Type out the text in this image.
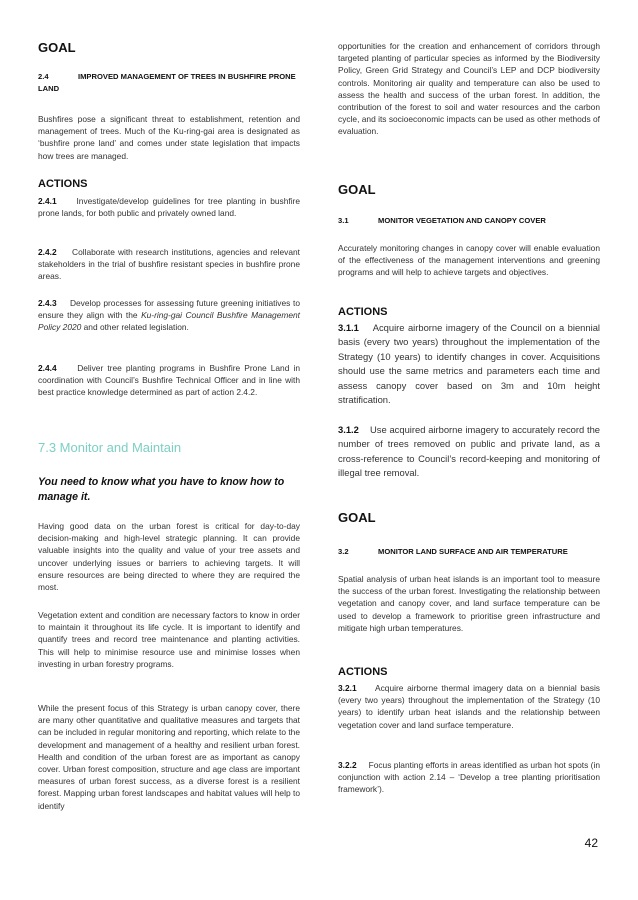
GOAL

2.4	IMPROVED MANAGEMENT OF TREES IN BUSHFIRE PRONE LAND

Bushfires pose a significant threat to establishment, retention and management of trees. Much of the Ku-ring-gai area is designated as ‘bushfire prone land’ and comes under state legislation that impacts how trees are managed.

ACTIONS

2.4.1 Investigate/develop guidelines for tree planting in bushfire prone lands, for both public and privately owned land.

2.4.2 Collaborate with research institutions, agencies and relevant stakeholders in the trial of bushfire resistant species in bushfire prone areas.

2.4.3 Develop processes for assessing future greening initiatives to ensure they align with the Ku-ring-gai Council Bushfire Management Policy 2020 and other related legislation.

2.4.4 Deliver tree planting programs in Bushfire Prone Land in coordination with Council’s Bushfire Technical Officer and in line with best practice knowledge determined as part of action 2.4.2.

7.3 Monitor and Maintain

You need to know what you have to know how to manage it.

Having good data on the urban forest is critical for day-to-day decision-making and high-level strategic planning. It can provide valuable insights into the quality and value of your tree assets and uncover underlying issues or barriers to achieving targets. It will ensure resources are being directed to where they are required the most.

Vegetation extent and condition are necessary factors to know in order to maintain it throughout its life cycle. It is important to identify and quantify trees and record tree maintenance and planting activities. This will help to minimise resource use and minimise losses when investing in urban forestry programs.

While the present focus of this Strategy is urban canopy cover, there are many other quantitative and qualitative measures and targets that can be included in regular monitoring and reporting, which relate to the development and management of a healthy and resilient urban forest. Health and condition of the urban forest are as important as canopy cover. Urban forest composition, structure and age class are important measures of urban forest success, as a diverse forest is a resilient forest. Mapping urban forest landscapes and habitat values will help to identify

opportunities for the creation and enhancement of corridors through targeted planting of particular species as informed by the Biodiversity Policy, Green Grid Strategy and Council’s LEP and DCP biodiversity controls. Monitoring air quality and temperature can also be used to assess the health and success of the urban forest. In addition, the contribution of the forest to soil and water resources and the carbon cycle, and its socioeconomic impacts can be used as other methods of evaluation.

GOAL

3.1	MONITOR VEGETATION AND CANOPY COVER

Accurately monitoring changes in canopy cover will enable evaluation of the effectiveness of the management interventions and greening programs and will help to achieve targets and objectives.

ACTIONS

3.1.1 Acquire airborne imagery of the Council on a biennial basis (every two years) throughout the implementation of the Strategy (10 years) to identify changes in cover. Acquisitions should use the same metrics and parameters each time and assess canopy cover based on 3m and 10m height stratification.

3.1.2 Use acquired airborne imagery to accurately record the number of trees removed on public and private land, as a cross-reference to Council’s record-keeping and monitoring of illegal tree removal.

GOAL

3.2	MONITOR LAND SURFACE AND AIR TEMPERATURE

Spatial analysis of urban heat islands is an important tool to measure the success of the urban forest. Investigating the relationship between vegetation and canopy cover, and land surface temperature can be used to develop a framework to prioritise green infrastructure and mitigate high urban temperatures.

ACTIONS

3.2.1 Acquire airborne thermal imagery data on a biennial basis (every two years) throughout the implementation of the Strategy (10 years) to identify urban heat islands and the relationship between vegetation cover and land surface temperature.

3.2.2 Focus planting efforts in areas identified as urban hot spots (in conjunction with action 2.14 – ‘Develop a tree planting prioritisation framework’).

42
